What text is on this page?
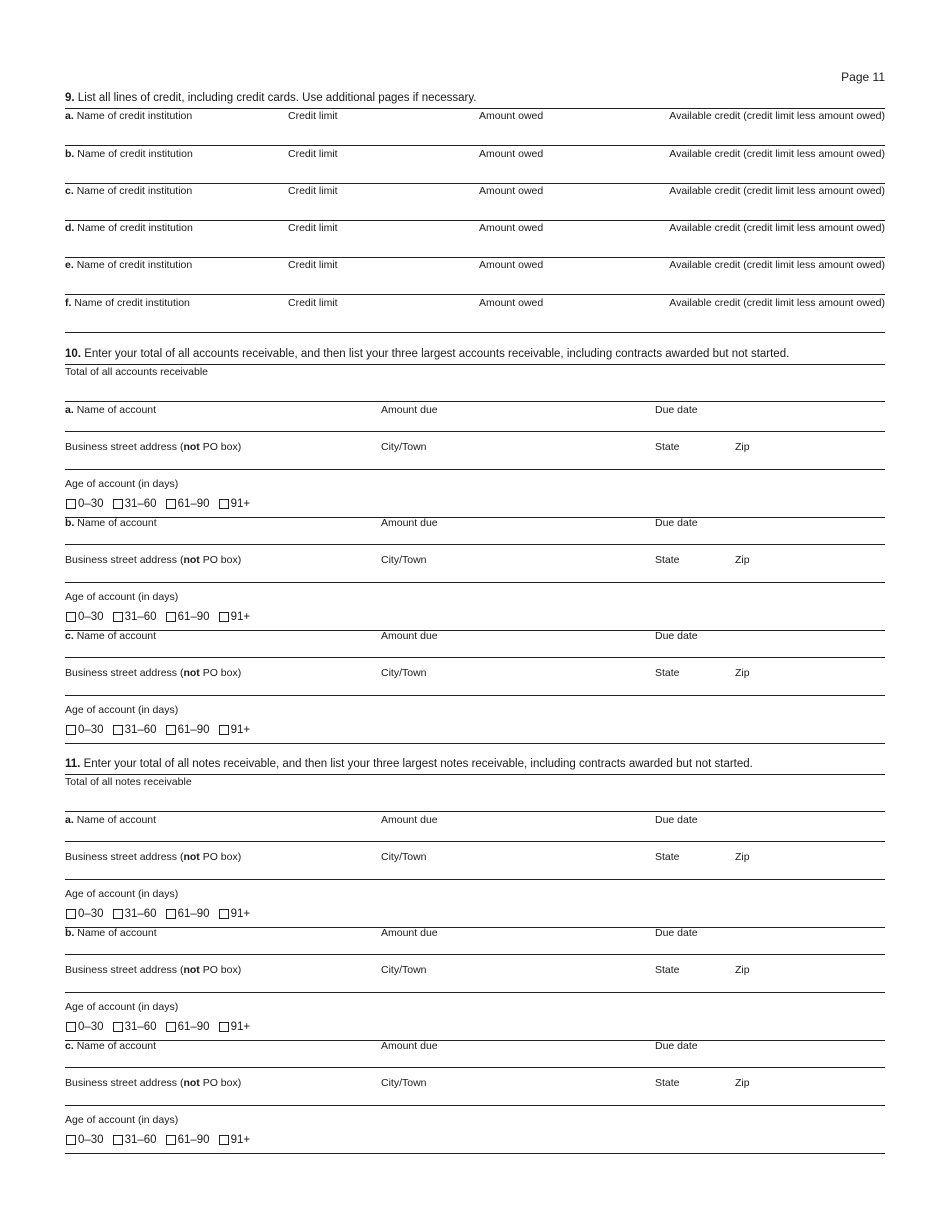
Page 11
9. List all lines of credit, including credit cards. Use additional pages if necessary.
a. Name of credit institution	Credit limit	Amount owed	Available credit (credit limit less amount owed)
b. Name of credit institution	Credit limit	Amount owed	Available credit (credit limit less amount owed)
c. Name of credit institution	Credit limit	Amount owed	Available credit (credit limit less amount owed)
d. Name of credit institution	Credit limit	Amount owed	Available credit (credit limit less amount owed)
e. Name of credit institution	Credit limit	Amount owed	Available credit (credit limit less amount owed)
f. Name of credit institution	Credit limit	Amount owed	Available credit (credit limit less amount owed)
10. Enter your total of all accounts receivable, and then list your three largest accounts receivable, including contracts awarded but not started.
Total of all accounts receivable
a. Name of account	Amount due	Due date
Business street address (not PO box)	City/Town	State	Zip
Age of account (in days)
0–30 31–60 61–90 91+
b. Name of account	Amount due	Due date
Business street address (not PO box)	City/Town	State	Zip
Age of account (in days)
0–30 31–60 61–90 91+
c. Name of account	Amount due	Due date
Business street address (not PO box)	City/Town	State	Zip
Age of account (in days)
0–30 31–60 61–90 91+
11. Enter your total of all notes receivable, and then list your three largest notes receivable, including contracts awarded but not started.
Total of all notes receivable
a. Name of account	Amount due	Due date
Business street address (not PO box)	City/Town	State	Zip
Age of account (in days)
0–30 31–60 61–90 91+
b. Name of account	Amount due	Due date
Business street address (not PO box)	City/Town	State	Zip
Age of account (in days)
0–30 31–60 61–90 91+
c. Name of account	Amount due	Due date
Business street address (not PO box)	City/Town	State	Zip
Age of account (in days)
0–30 31–60 61–90 91+
